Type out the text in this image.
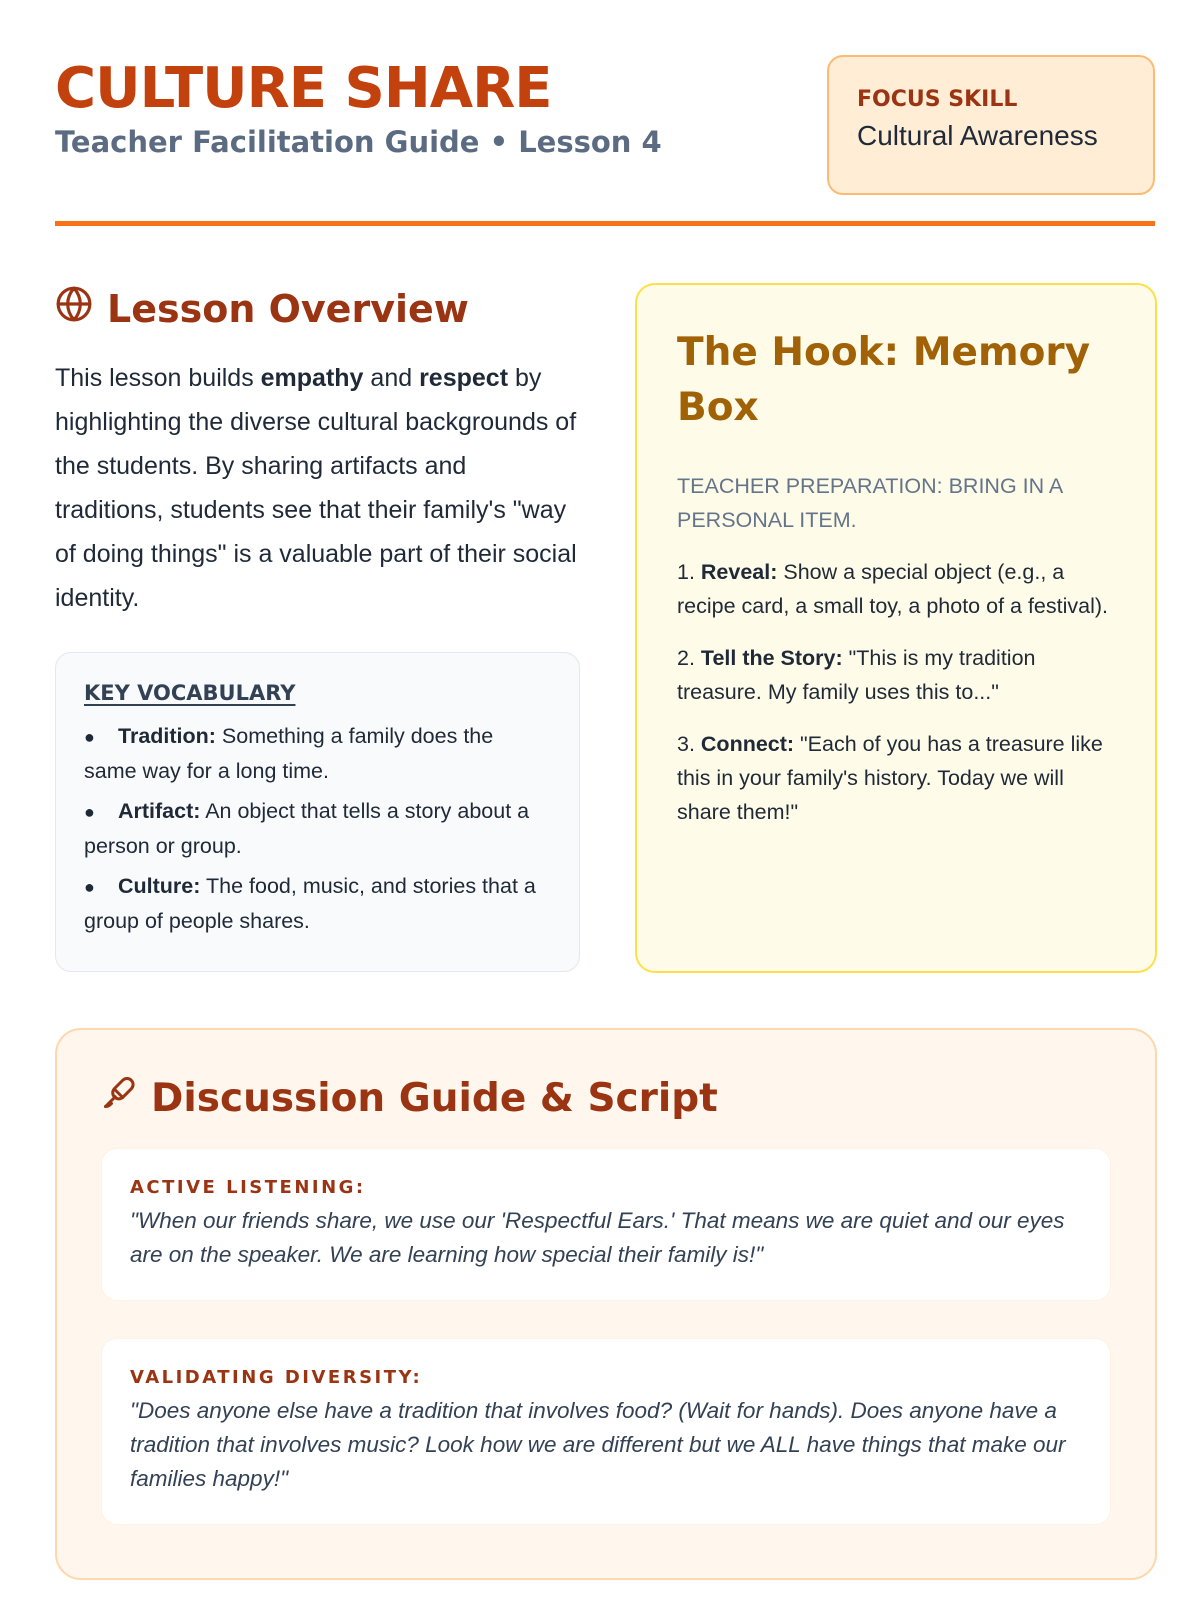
CULTURE SHARE
Teacher Facilitation Guide • Lesson 4
FOCUS SKILL
Cultural Awareness
Lesson Overview

This lesson builds empathy and respect by highlighting the diverse cultural backgrounds of the students. By sharing artifacts and traditions, students see that their family's "way of doing things" is a valuable part of their social identity.

KEY VOCABULARY
● Tradition: Something a family does the same way for a long time.
● Artifact: An object that tells a story about a person or group.
● Culture: The food, music, and stories that a group of people shares.
The Hook: Memory Box
TEACHER PREPARATION: BRING IN A PERSONAL ITEM.

1. Reveal: Show a special object (e.g., a recipe card, a small toy, a photo of a festival).

2. Tell the Story: "This is my tradition treasure. My family uses this to..."

3. Connect: "Each of you has a treasure like this in your family's history. Today we will share them!"

Discussion Guide & Script
ACTIVE LISTENING:
"When our friends share, we use our 'Respectful Ears.' That means we are quiet and our eyes are on the speaker. We are learning how special their family is!"
VALIDATING DIVERSITY:
"Does anyone else have a tradition that involves food? (Wait for hands). Does anyone have a tradition that involves music? Look how we are different but we ALL have things that make our families happy!"
